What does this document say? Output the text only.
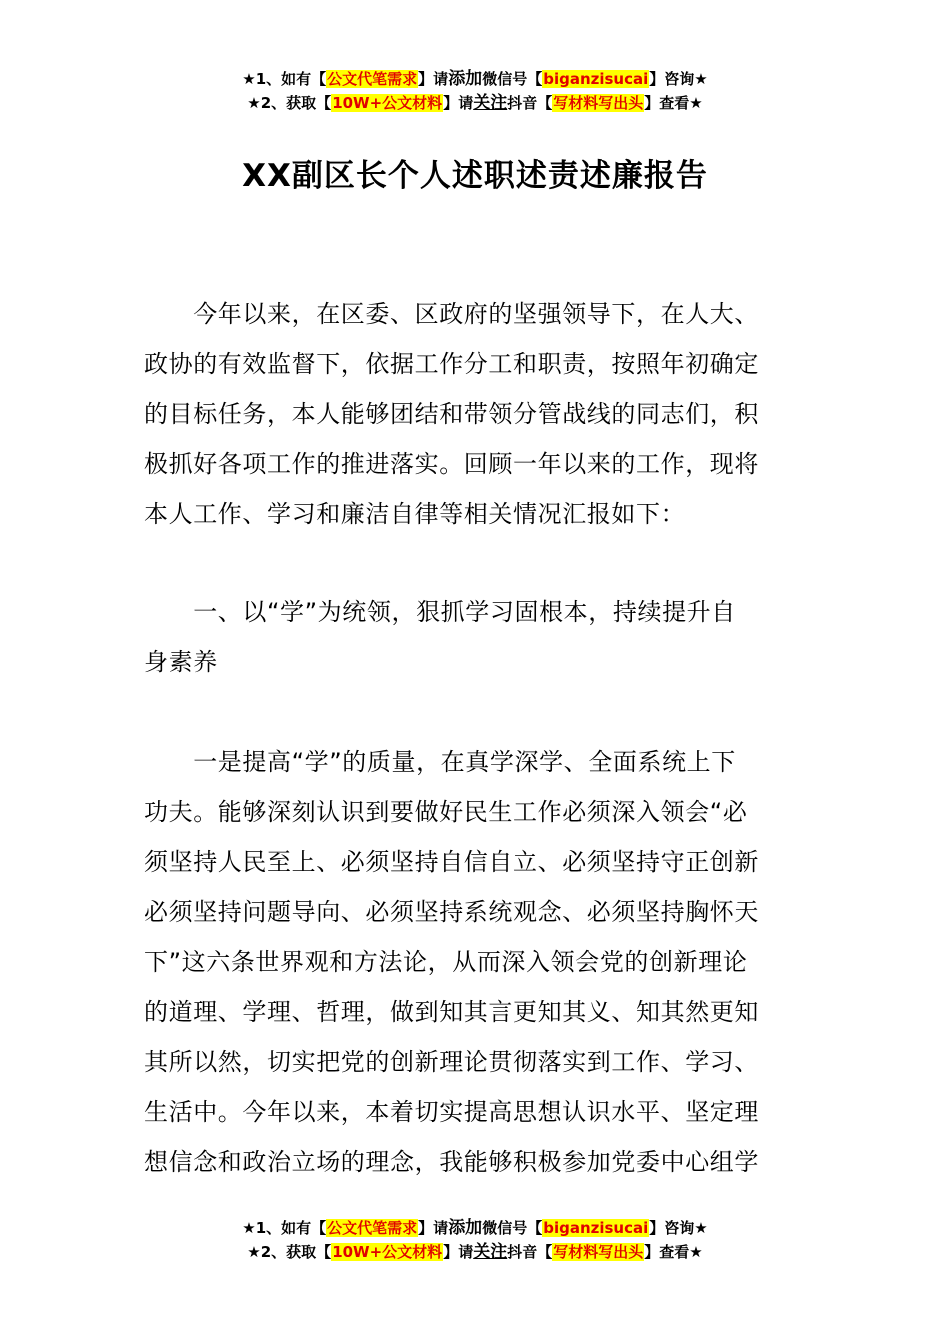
★1、如有【公文代笔需求】请添加微信号【biganzisucai】咨询★
★2、获取【10W+公文材料】请关注抖音【写材料写出头】查看★
XX副区长个人述职述责述廉报告
　　今年以来，在区委、区政府的坚强领导下，在人大、
政协的有效监督下，依据工作分工和职责，按照年初确定
的目标任务，本人能够团结和带领分管战线的同志们，积
极抓好各项工作的推进落实。回顾一年以来的工作，现将
本人工作、学习和廉洁自律等相关情况汇报如下：
　　一、以“学”为统领，狠抓学习固根本，持续提升自
身素养
　　一是提高“学”的质量，在真学深学、全面系统上下
功夫。能够深刻认识到要做好民生工作必须深入领会“必
须坚持人民至上、必须坚持自信自立、必须坚持守正创新
必须坚持问题导向、必须坚持系统观念、必须坚持胸怀天
下”这六条世界观和方法论，从而深入领会党的创新理论
的道理、学理、哲理，做到知其言更知其义、知其然更知
其所以然，切实把党的创新理论贯彻落实到工作、学习、
生活中。今年以来，本着切实提高思想认识水平、坚定理
想信念和政治立场的理念，我能够积极参加党委中心组学
★1、如有【公文代笔需求】请添加微信号【biganzisucai】咨询★
★2、获取【10W+公文材料】请关注抖音【写材料写出头】查看★
